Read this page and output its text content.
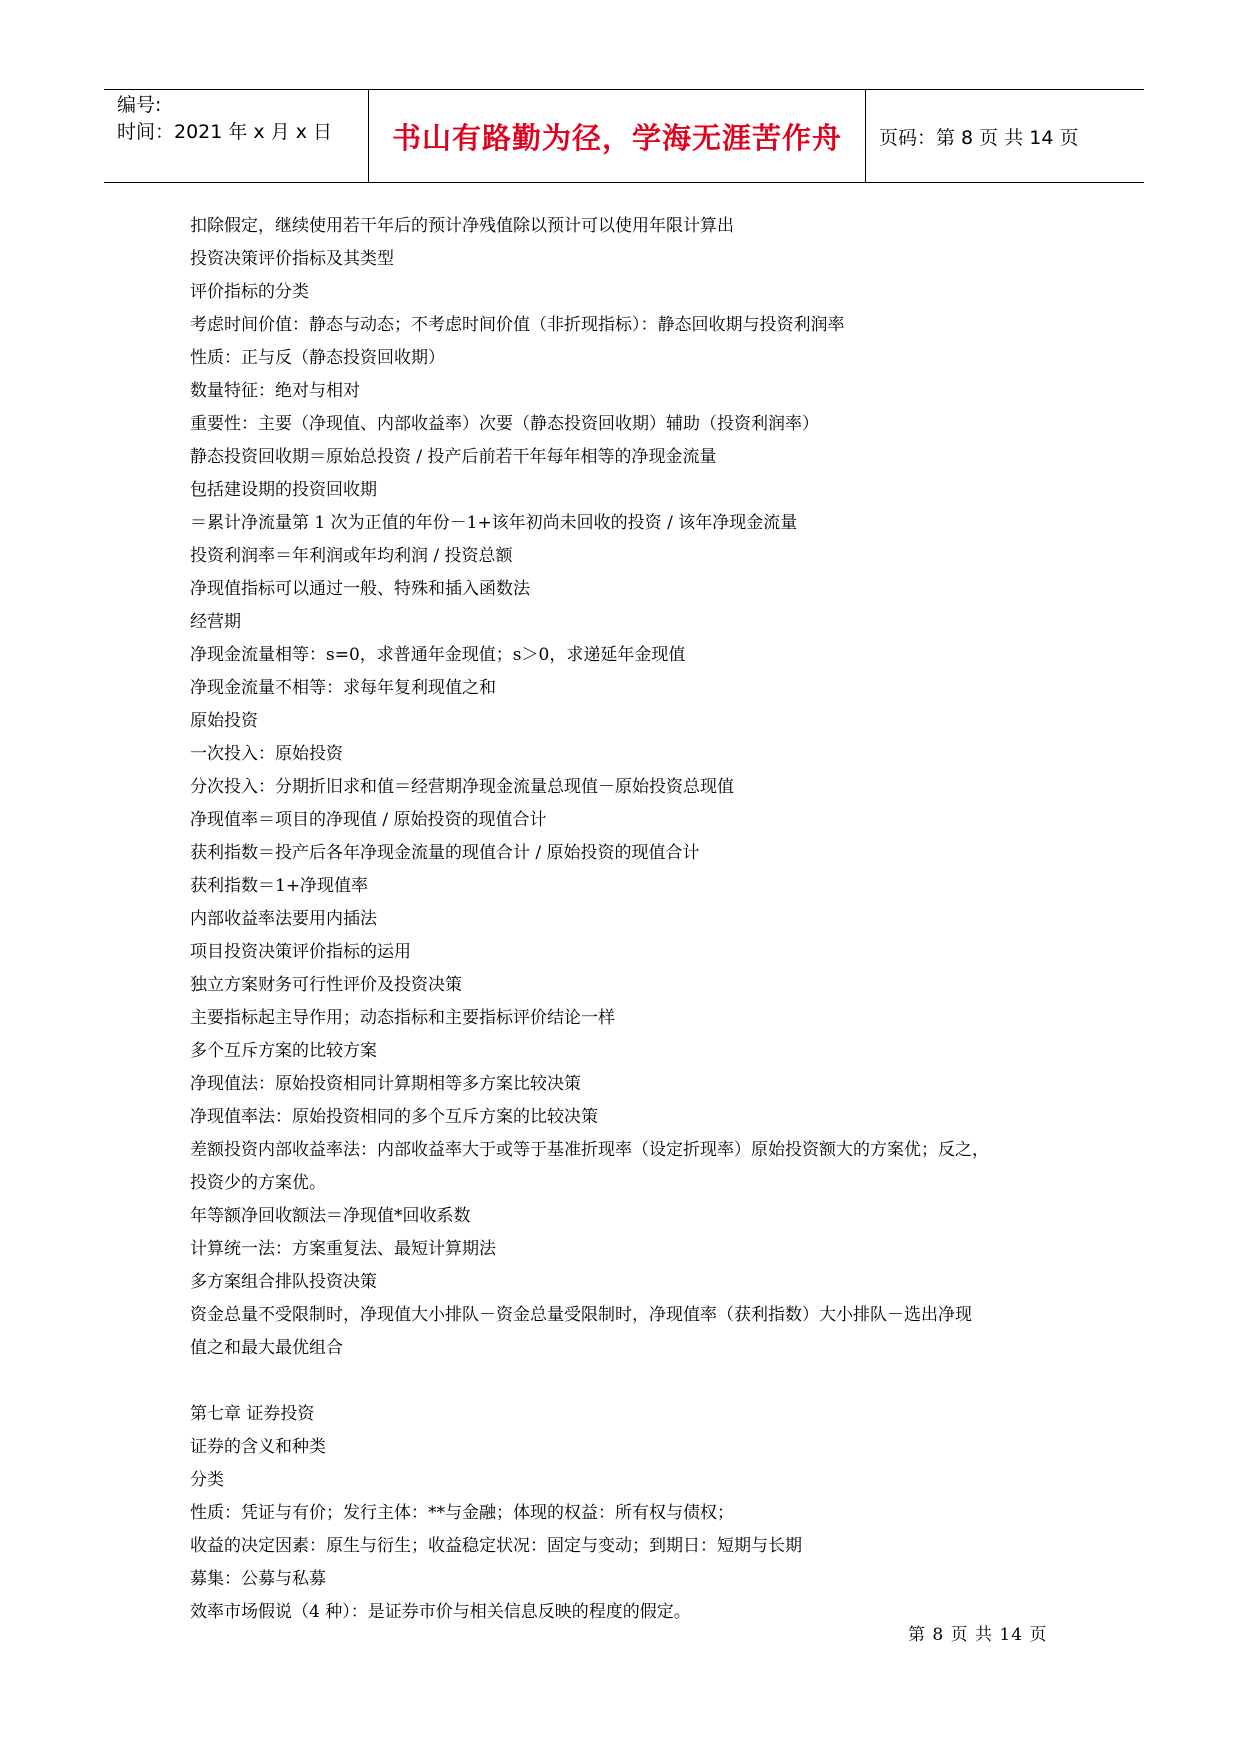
编号:
时间：2021 年 x 月 x 日	书山有路勤为径，学海无涯苦作舟	页码：第 8 页 共 14 页

扣除假定，继续使用若干年后的预计净残值除以预计可以使用年限计算出

投资决策评价指标及其类型

评价指标的分类

考虑时间价值：静态与动态；不考虑时间价值（非折现指标）：静态回收期与投资利润率

性质：正与反（静态投资回收期）

数量特征：绝对与相对

重要性：主要（净现值、内部收益率）次要（静态投资回收期）辅助（投资利润率）

静态投资回收期＝原始总投资 / 投产后前若干年每年相等的净现金流量

包括建设期的投资回收期

＝累计净流量第 1 次为正值的年份－1+该年初尚未回收的投资 / 该年净现金流量

投资利润率＝年利润或年均利润 / 投资总额

净现值指标可以通过一般、特殊和插入函数法

经营期

净现金流量相等：s=0，求普通年金现值；s＞0，求递延年金现值

净现金流量不相等：求每年复利现值之和

原始投资

一次投入：原始投资

分次投入：分期折旧求和值＝经营期净现金流量总现值－原始投资总现值

净现值率＝项目的净现值 / 原始投资的现值合计

获利指数＝投产后各年净现金流量的现值合计 / 原始投资的现值合计

获利指数＝1+净现值率

内部收益率法要用内插法

项目投资决策评价指标的运用

独立方案财务可行性评价及投资决策

主要指标起主导作用；动态指标和主要指标评价结论一样

多个互斥方案的比较方案

净现值法：原始投资相同计算期相等多方案比较决策

净现值率法：原始投资相同的多个互斥方案的比较决策

差额投资内部收益率法：内部收益率大于或等于基准折现率（设定折现率）原始投资额大的方案优；反之，

投资少的方案优。

年等额净回收额法＝净现值*回收系数

计算统一法：方案重复法、最短计算期法

多方案组合排队投资决策

资金总量不受限制时，净现值大小排队－资金总量受限制时，净现值率（获利指数）大小排队－选出净现

值之和最大最优组合

第七章 证券投资

证券的含义和种类

分类

性质：凭证与有价；发行主体：**与金融；体现的权益：所有权与债权；

收益的决定因素：原生与衍生；收益稳定状况：固定与变动；到期日：短期与长期

募集：公募与私募

效率市场假说（4 种）：是证券市价与相关信息反映的程度的假定。

第 8 页 共 14 页
